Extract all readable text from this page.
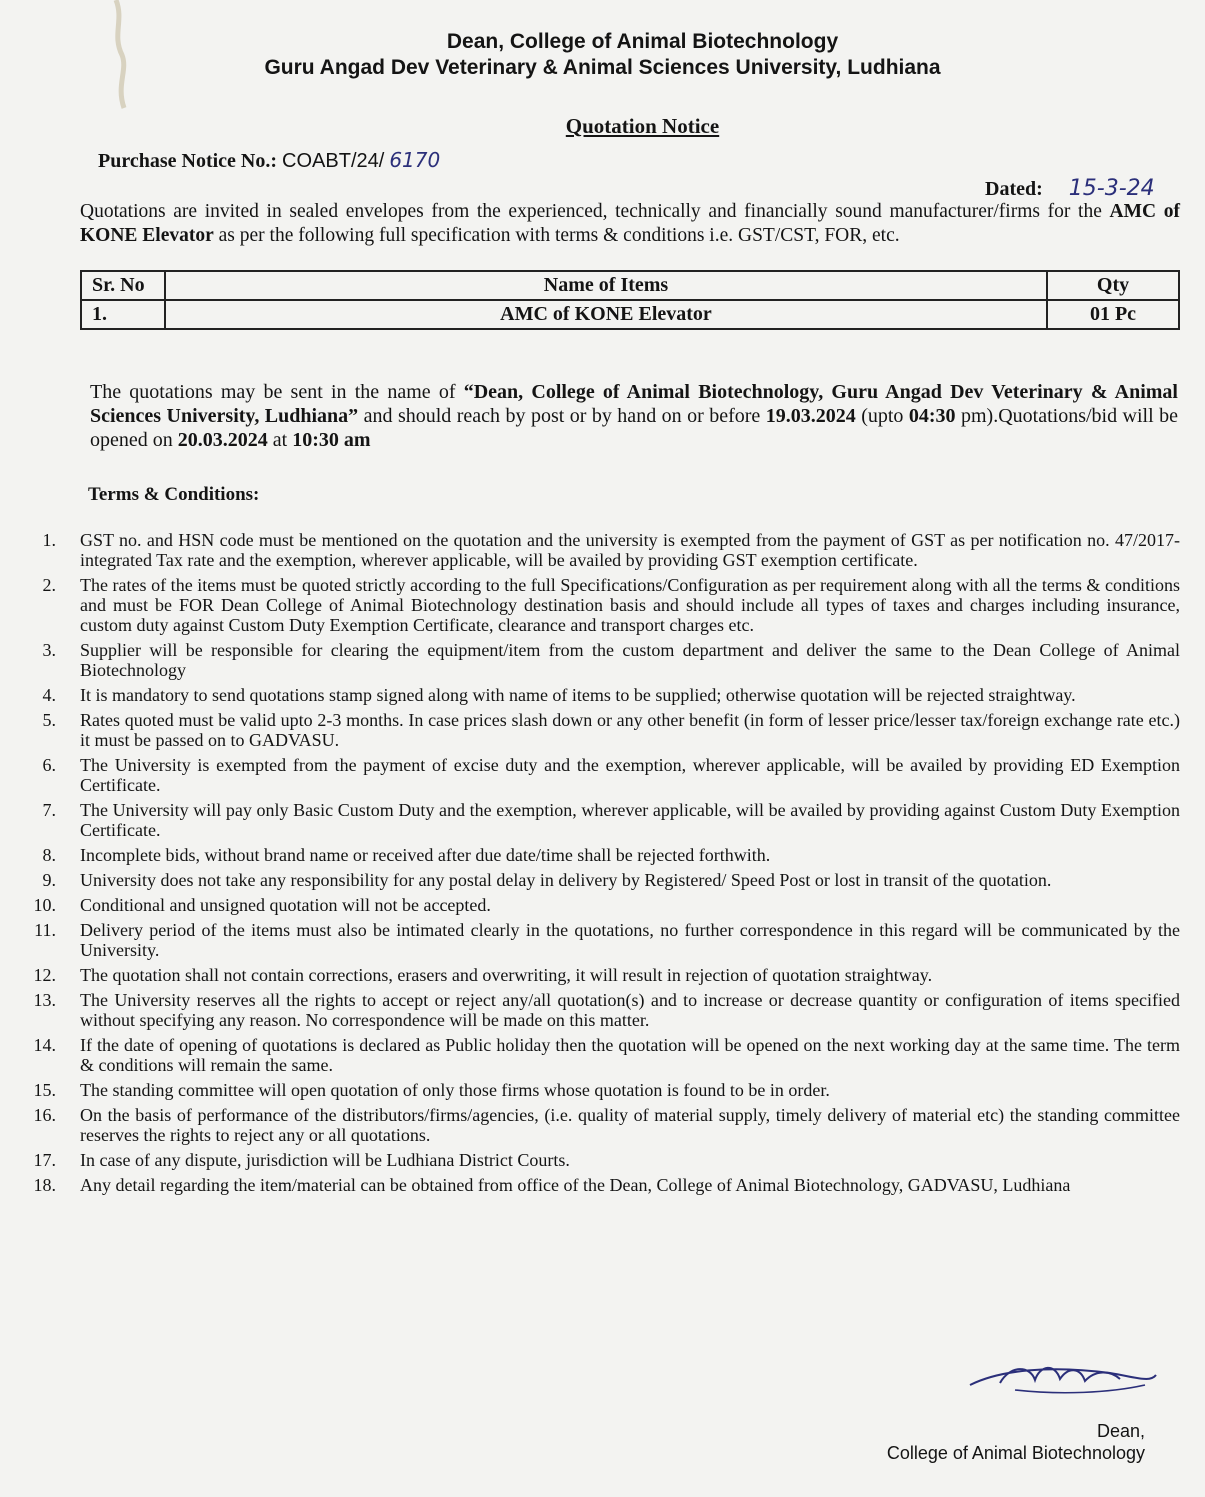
Dean, College of Animal Biotechnology
Guru Angad Dev Veterinary & Animal Sciences University, Ludhiana
Quotation Notice
Purchase Notice No.: COABT/24/ 6170
Dated: 15-3-24
Quotations are invited in sealed envelopes from the experienced, technically and financially sound manufacturer/firms for the AMC of KONE Elevator as per the following full specification with terms & conditions i.e. GST/CST, FOR, etc.
Sr. No	Name of Items	Qty
1.	AMC of KONE Elevator	01 Pc
The quotations may be sent in the name of “Dean, College of Animal Biotechnology, Guru Angad Dev Veterinary & Animal Sciences University, Ludhiana” and should reach by post or by hand on or before 19.03.2024 (upto 04:30 pm).Quotations/bid will be opened on 20.03.2024 at 10:30 am
Terms & Conditions:
1. GST no. and HSN code must be mentioned on the quotation and the university is exempted from the payment of GST as per notification no. 47/2017-integrated Tax rate and the exemption, wherever applicable, will be availed by providing GST exemption certificate.
2. The rates of the items must be quoted strictly according to the full Specifications/Configuration as per requirement along with all the terms & conditions and must be FOR Dean College of Animal Biotechnology destination basis and should include all types of taxes and charges including insurance, custom duty against Custom Duty Exemption Certificate, clearance and transport charges etc.
3. Supplier will be responsible for clearing the equipment/item from the custom department and deliver the same to the Dean College of Animal Biotechnology
4. It is mandatory to send quotations stamp signed along with name of items to be supplied; otherwise quotation will be rejected straightway.
5. Rates quoted must be valid upto 2-3 months. In case prices slash down or any other benefit (in form of lesser price/lesser tax/foreign exchange rate etc.) it must be passed on to GADVASU.
6. The University is exempted from the payment of excise duty and the exemption, wherever applicable, will be availed by providing ED Exemption Certificate.
7. The University will pay only Basic Custom Duty and the exemption, wherever applicable, will be availed by providing against Custom Duty Exemption Certificate.
8. Incomplete bids, without brand name or received after due date/time shall be rejected forthwith.
9. University does not take any responsibility for any postal delay in delivery by Registered/ Speed Post or lost in transit of the quotation.
10. Conditional and unsigned quotation will not be accepted.
11. Delivery period of the items must also be intimated clearly in the quotations, no further correspondence in this regard will be communicated by the University.
12. The quotation shall not contain corrections, erasers and overwriting, it will result in rejection of quotation straightway.
13. The University reserves all the rights to accept or reject any/all quotation(s) and to increase or decrease quantity or configuration of items specified without specifying any reason. No correspondence will be made on this matter.
14. If the date of opening of quotations is declared as Public holiday then the quotation will be opened on the next working day at the same time. The term & conditions will remain the same.
15. The standing committee will open quotation of only those firms whose quotation is found to be in order.
16. On the basis of performance of the distributors/firms/agencies, (i.e. quality of material supply, timely delivery of material etc) the standing committee reserves the rights to reject any or all quotations.
17. In case of any dispute, jurisdiction will be Ludhiana District Courts.
18. Any detail regarding the item/material can be obtained from office of the Dean, College of Animal Biotechnology, GADVASU, Ludhiana
Dean,
College of Animal Biotechnology
